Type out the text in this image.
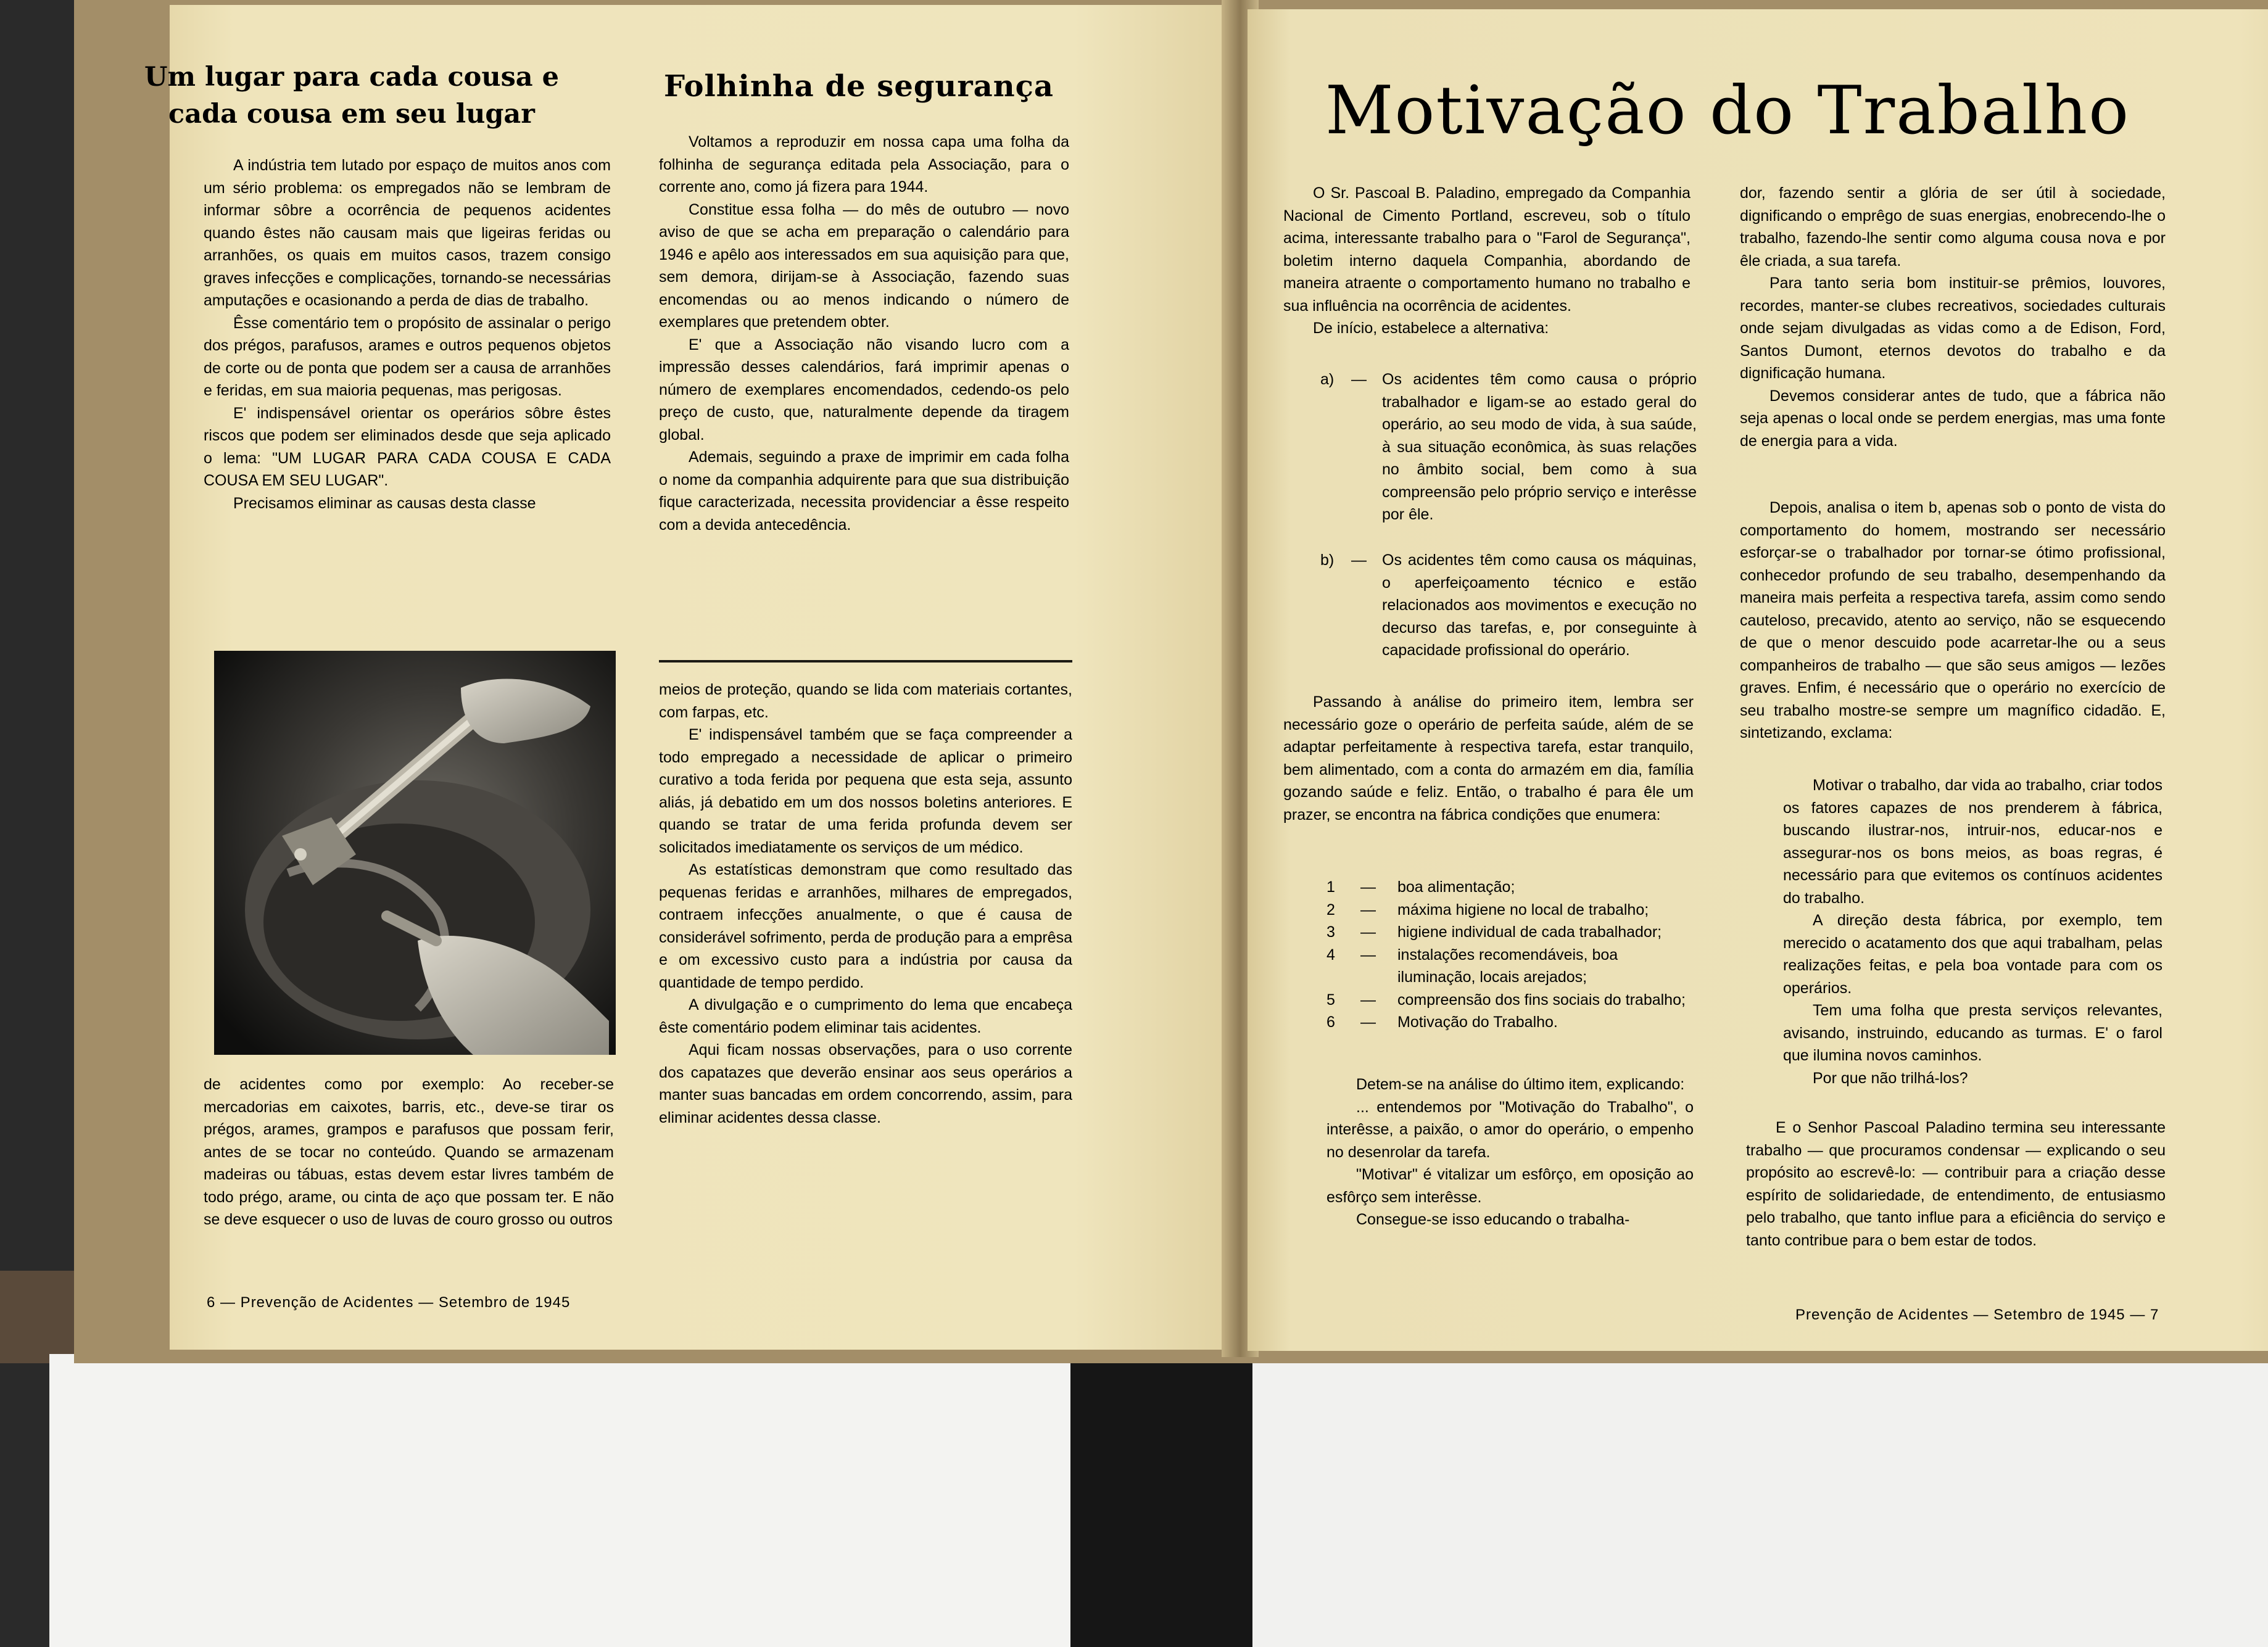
Um lugar para cada cousa e cada cousa em seu lugar

A indústria tem lutado por espaço de muitos anos com um sério problema: os empregados não se lembram de informar sôbre a ocorrência de pequenos acidentes quando êstes não causam mais que ligeiras feridas ou arranhões, os quais em muitos casos, trazem consigo graves infecções e complicações, tornando-se necessárias amputações e ocasionando a perda de dias de trabalho.

Êsse comentário tem o propósito de assinalar o perigo dos prégos, parafusos, arames e outros pequenos objetos de corte ou de ponta que podem ser a causa de arranhões e feridas, em sua maioria pequenas, mas perigosas.

E' indispensável orientar os operários sôbre êstes riscos que podem ser eliminados desde que seja aplicado o lema: "UM LUGAR PARA CADA COUSA E CADA COUSA EM SEU LUGAR".

Precisamos eliminar as causas desta classe

de acidentes como por exemplo: Ao receber-se mercadorias em caixotes, barris, etc., deve-se tirar os prégos, arames, grampos e parafusos que possam ferir, antes de se tocar no conteúdo. Quando se armazenam madeiras ou tábuas, estas devem estar livres também de todo prégo, arame, ou cinta de aço que possam ter. E não se deve esquecer o uso de luvas de couro grosso ou outros

Folhinha de segurança

Voltamos a reproduzir em nossa capa uma folha da folhinha de segurança editada pela Associação, para o corrente ano, como já fizera para 1944.

Constitue essa folha — do mês de outubro — novo aviso de que se acha em preparação o calendário para 1946 e apêlo aos interessados em sua aquisição para que, sem demora, dirijam-se à Associação, fazendo suas encomendas ou ao menos indicando o número de exemplares que pretendem obter.

E' que a Associação não visando lucro com a impressão desses calendários, fará imprimir apenas o número de exemplares encomendados, cedendo-os pelo preço de custo, que, naturalmente depende da tiragem global.

Ademais, seguindo a praxe de imprimir em cada folha o nome da companhia adquirente para que sua distribuição fique caracterizada, necessita providenciar a êsse respeito com a devida antecedência.

meios de proteção, quando se lida com materiais cortantes, com farpas, etc.

E' indispensável também que se faça compreender a todo empregado a necessidade de aplicar o primeiro curativo a toda ferida por pequena que esta seja, assunto aliás, já debatido em um dos nossos boletins anteriores. E quando se tratar de uma ferida profunda devem ser solicitados imediatamente os serviços de um médico.

As estatísticas demonstram que como resultado das pequenas feridas e arranhões, milhares de empregados, contraem infecções anualmente, o que é causa de considerável sofrimento, perda de produção para a emprêsa e om excessivo custo para a indústria por causa da quantidade de tempo perdido.

A divulgação e o cumprimento do lema que encabeça êste comentário podem eliminar tais acidentes.

Aqui ficam nossas observações, para o uso corrente dos capatazes que deverão ensinar aos seus operários a manter suas bancadas em ordem concorrendo, assim, para eliminar acidentes dessa classe.

6 — Prevenção de Acidentes — Setembro de 1945
Motivação do Trabalho

O Sr. Pascoal B. Paladino, empregado da Companhia Nacional de Cimento Portland, escreveu, sob o título acima, interessante trabalho para o "Farol de Segurança", boletim interno daquela Companhia, abordando de maneira atraente o comportamento humano no trabalho e sua influência na ocorrência de acidentes.

De início, estabelece a alternativa:

a)	—	Os acidentes têm como causa o próprio trabalhador e ligam-se ao estado geral do operário, ao seu modo de vida, à sua saúde, à sua situação econômica, às suas relações no âmbito social, bem como à sua compreensão pelo próprio serviço e interêsse por êle.
b)	—	Os acidentes têm como causa os máquinas, o aperfeiçoamento técnico e estão relacionados aos movimentos e execução no decurso das tarefas, e, por conseguinte à capacidade profissional do operário.

Passando à análise do primeiro item, lembra ser necessário goze o operário de perfeita saúde, além de se adaptar perfeitamente à respectiva tarefa, estar tranquilo, bem alimentado, com a conta do armazém em dia, família gozando saúde e feliz. Então, o trabalho é para êle um prazer, se encontra na fábrica condições que enumera:

1	—	boa alimentação;
2	—	máxima higiene no local de trabalho;
3	—	higiene individual de cada trabalhador;
4	—	instalações recomendáveis, boa iluminação, locais arejados;
5	—	compreensão dos fins sociais do trabalho;
6	—	Motivação do Trabalho.

Detem-se na análise do último item, explicando:

... entendemos por "Motivação do Trabalho", o interêsse, a paixão, o amor do operário, o empenho no desenrolar da tarefa.

"Motivar" é vitalizar um esfôrço, em oposição ao esfôrço sem interêsse.

Consegue-se isso educando o trabalha-

dor, fazendo sentir a glória de ser útil à sociedade, dignificando o emprêgo de suas energias, enobrecendo-lhe o trabalho, fazendo-lhe sentir como alguma cousa nova e por êle criada, a sua tarefa.

Para tanto seria bom instituir-se prêmios, louvores, recordes, manter-se clubes recreativos, sociedades culturais onde sejam divulgadas as vidas como a de Edison, Ford, Santos Dumont, eternos devotos do trabalho e da dignificação humana.

Devemos considerar antes de tudo, que a fábrica não seja apenas o local onde se perdem energias, mas uma fonte de energia para a vida.

Depois, analisa o item b, apenas sob o ponto de vista do comportamento do homem, mostrando ser necessário esforçar-se o trabalhador por tornar-se ótimo profissional, conhecedor profundo de seu trabalho, desempenhando da maneira mais perfeita a respectiva tarefa, assim como sendo cauteloso, precavido, atento ao serviço, não se esquecendo de que o menor descuido pode acarretar-lhe ou a seus companheiros de trabalho — que são seus amigos — lezões graves. Enfim, é necessário que o operário no exercício de seu trabalho mostre-se sempre um magnífico cidadão. E, sintetizando, exclama:

Motivar o trabalho, dar vida ao trabalho, criar todos os fatores capazes de nos prenderem à fábrica, buscando ilustrar-nos, intruir-nos, educar-nos e assegurar-nos os bons meios, as boas regras, é necessário para que evitemos os contínuos acidentes do trabalho.

A direção desta fábrica, por exemplo, tem merecido o acatamento dos que aqui trabalham, pelas realizações feitas, e pela boa vontade para com os operários.

Tem uma folha que presta serviços relevantes, avisando, instruindo, educando as turmas. E' o farol que ilumina novos caminhos.

Por que não trilhá-los?

E o Senhor Pascoal Paladino termina seu interessante trabalho — que procuramos condensar — explicando o seu propósito ao escrevê-lo: — contribuir para a criação desse espírito de solidariedade, de entendimento, de entusiasmo pelo trabalho, que tanto influe para a eficiência do serviço e tanto contribue para o bem estar de todos.

Prevenção de Acidentes — Setembro de 1945 — 7
